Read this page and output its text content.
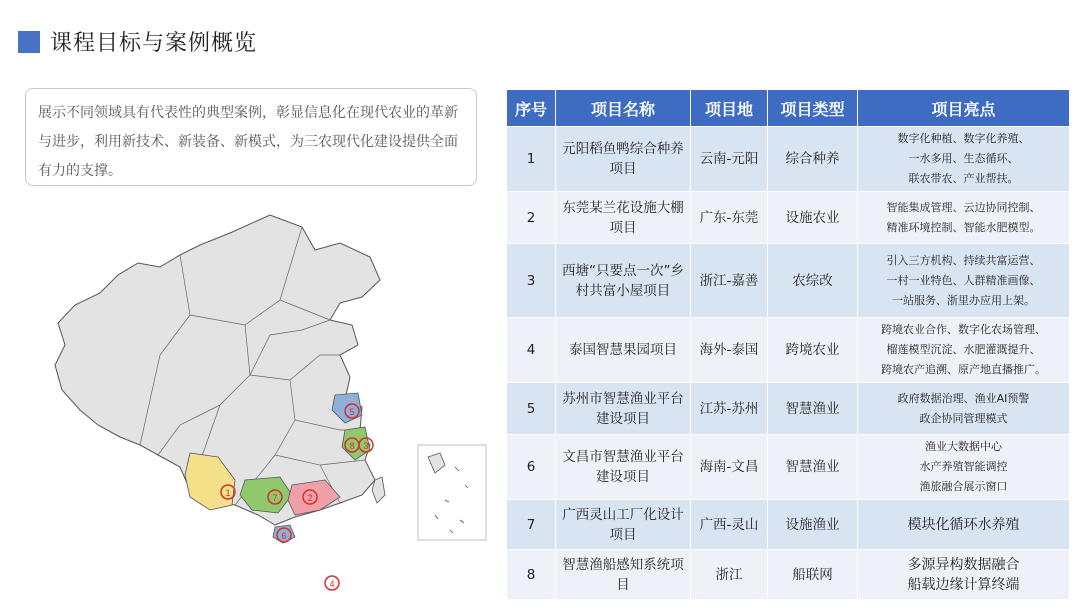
课程目标与案例概览
展示不同领域具有代表性的典型案例，彰显信息化在现代农业的革新与进步，利用新技术、新装备、新模式，为三农现代化建设提供全面有力的支撑。
1	2
3
4
5
6
7
8
序号	项目名称	项目地	项目类型	项目亮点
1	元阳稻鱼鸭综合种养项目	云南-元阳	综合种养	数字化种植、数字化养殖、
一水多用、生态循环、
联农带农、产业帮扶。

2	东莞某兰花设施大棚项目	广东-东莞	设施农业	智能集成管理、云边协同控制、
精准环境控制、智能水肥模型。

3	西塘“只要点一次”乡村共富小屋项目	浙江-嘉善	农综改	引入三方机构、持续共富运营、
一村一业特色、人群精准画像、
一站服务、浙里办应用上架。

4	泰国智慧果园项目	海外-泰国	跨境农业	跨境农业合作、数字化农场管理、
榴莲模型沉淀、水肥灌溉提升、
跨境农产追溯、原产地直播推广。

5	苏州市智慧渔业平台建设项目	江苏-苏州	智慧渔业	政府数据治理、渔业AI预警
政企协同管理模式

6	文昌市智慧渔业平台建设项目	海南-文昌	智慧渔业	渔业大数据中心
水产养殖智能调控
渔旅融合展示窗口

7	广西灵山工厂化设计项目	广西-灵山	设施渔业	模块化循环水养殖

8	智慧渔船感知系统项目	浙江	船联网	多源异构数据融合
船载边缘计算终端
